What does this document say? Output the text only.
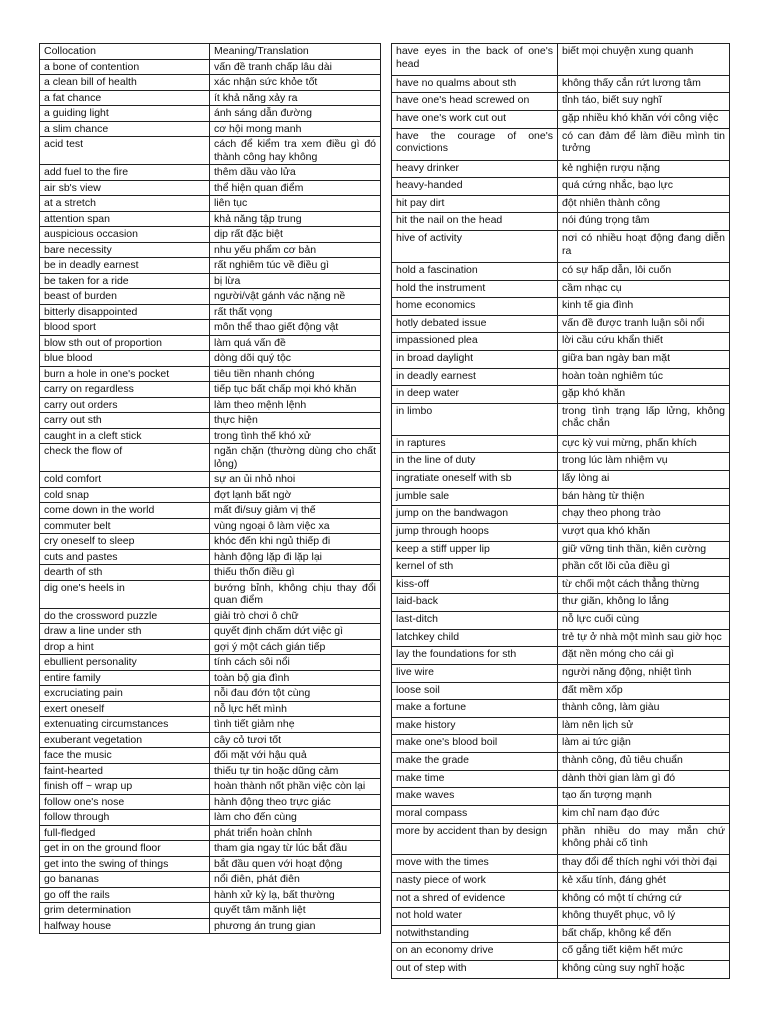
Collocation	Meaning/Translation
a bone of contention	vấn đề tranh chấp lâu dài
a clean bill of health	xác nhận sức khỏe tốt
a fat chance	ít khả năng xảy ra
a guiding light	ánh sáng dẫn đường
a slim chance	cơ hội mong manh
acid test	cách để kiểm tra xem điều gì đó thành công hay không
add fuel to the fire	thêm dầu vào lửa
air sb's view	thể hiện quan điểm
at a stretch	liên tục
attention span	khả năng tập trung
auspicious occasion	dịp rất đặc biệt
bare necessity	nhu yếu phẩm cơ bản
be in deadly earnest	rất nghiêm túc về điều gì
be taken for a ride	bị lừa
beast of burden	người/vật gánh vác nặng nề
bitterly disappointed	rất thất vọng
blood sport	môn thể thao giết động vật
blow sth out of proportion	làm quá vấn đề
blue blood	dòng dõi quý tộc
burn a hole in one's pocket	tiêu tiền nhanh chóng
carry on regardless	tiếp tục bất chấp mọi khó khăn
carry out orders	làm theo mệnh lệnh
carry out sth	thực hiện
caught in a cleft stick	trong tình thế khó xử
check the flow of	ngăn chặn (thường dùng cho chất lỏng)
cold comfort	sự an ủi nhỏ nhoi
cold snap	đợt lạnh bất ngờ
come down in the world	mất đi/suy giảm vị thế
commuter belt	vùng ngoại ô làm việc xa
cry oneself to sleep	khóc đến khi ngủ thiếp đi
cuts and pastes	hành động lặp đi lặp lại
dearth of sth	thiếu thốn điều gì
dig one's heels in	bướng bỉnh, không chịu thay đổi quan điểm
do the crossword puzzle	giải trò chơi ô chữ
draw a line under sth	quyết định chấm dứt việc gì
drop a hint	gợi ý một cách gián tiếp
ebullient personality	tính cách sôi nổi
entire family	toàn bộ gia đình
excruciating pain	nỗi đau đớn tột cùng
exert oneself	nỗ lực hết mình
extenuating circumstances	tình tiết giảm nhẹ
exuberant vegetation	cây cỏ tươi tốt
face the music	đối mặt với hậu quả
faint-hearted	thiếu tự tin hoặc dũng cảm
finish off ~ wrap up	hoàn thành nốt phần việc còn lại
follow one's nose	hành động theo trực giác
follow through	làm cho đến cùng
full-fledged	phát triển hoàn chỉnh
get in on the ground floor	tham gia ngay từ lúc bắt đầu
get into the swing of things	bắt đầu quen với hoạt động
go bananas	nổi điên, phát điên
go off the rails	hành xử kỳ lạ, bất thường
grim determination	quyết tâm mãnh liệt
halfway house	phương án trung gian
have eyes in the back of one's head	biết mọi chuyện xung quanh
have no qualms about sth	không thấy cắn rứt lương tâm
have one's head screwed on	tỉnh táo, biết suy nghĩ
have one's work cut out	gặp nhiều khó khăn với công việc
have the courage of one's convictions	có can đảm để làm điều mình tin tưởng
heavy drinker	kẻ nghiện rượu nặng
heavy-handed	quá cứng nhắc, bạo lực
hit pay dirt	đột nhiên thành công
hit the nail on the head	nói đúng trọng tâm
hive of activity	nơi có nhiều hoạt động đang diễn ra
hold a fascination	có sự hấp dẫn, lôi cuốn
hold the instrument	cầm nhạc cụ
home economics	kinh tế gia đình
hotly debated issue	vấn đề được tranh luận sôi nổi
impassioned plea	lời cầu cứu khẩn thiết
in broad daylight	giữa ban ngày ban mặt
in deadly earnest	hoàn toàn nghiêm túc
in deep water	gặp khó khăn
in limbo	trong tình trạng lấp lửng, không chắc chắn
in raptures	cực kỳ vui mừng, phấn khích
in the line of duty	trong lúc làm nhiệm vụ
ingratiate oneself with sb	lấy lòng ai
jumble sale	bán hàng từ thiện
jump on the bandwagon	chạy theo phong trào
jump through hoops	vượt qua khó khăn
keep a stiff upper lip	giữ vững tinh thần, kiên cường
kernel of sth	phần cốt lõi của điều gì
kiss-off	từ chối một cách thẳng thừng
laid-back	thư giãn, không lo lắng
last-ditch	nỗ lực cuối cùng
latchkey child	trẻ tự ở nhà một mình sau giờ học
lay the foundations for sth	đặt nền móng cho cái gì
live wire	người năng động, nhiệt tình
loose soil	đất mềm xốp
make a fortune	thành công, làm giàu
make history	làm nên lịch sử
make one's blood boil	làm ai tức giận
make the grade	thành công, đủ tiêu chuẩn
make time	dành thời gian làm gì đó
make waves	tạo ấn tượng mạnh
moral compass	kim chỉ nam đạo đức
more by accident than by design	phần nhiều do may mắn chứ không phải cố tình
move with the times	thay đổi để thích nghi với thời đại
nasty piece of work	kẻ xấu tính, đáng ghét
not a shred of evidence	không có một tí chứng cứ
not hold water	không thuyết phục, vô lý
notwithstanding	bất chấp, không kể đến
on an economy drive	cố gắng tiết kiệm hết mức
out of step with	không cùng suy nghĩ hoặc
